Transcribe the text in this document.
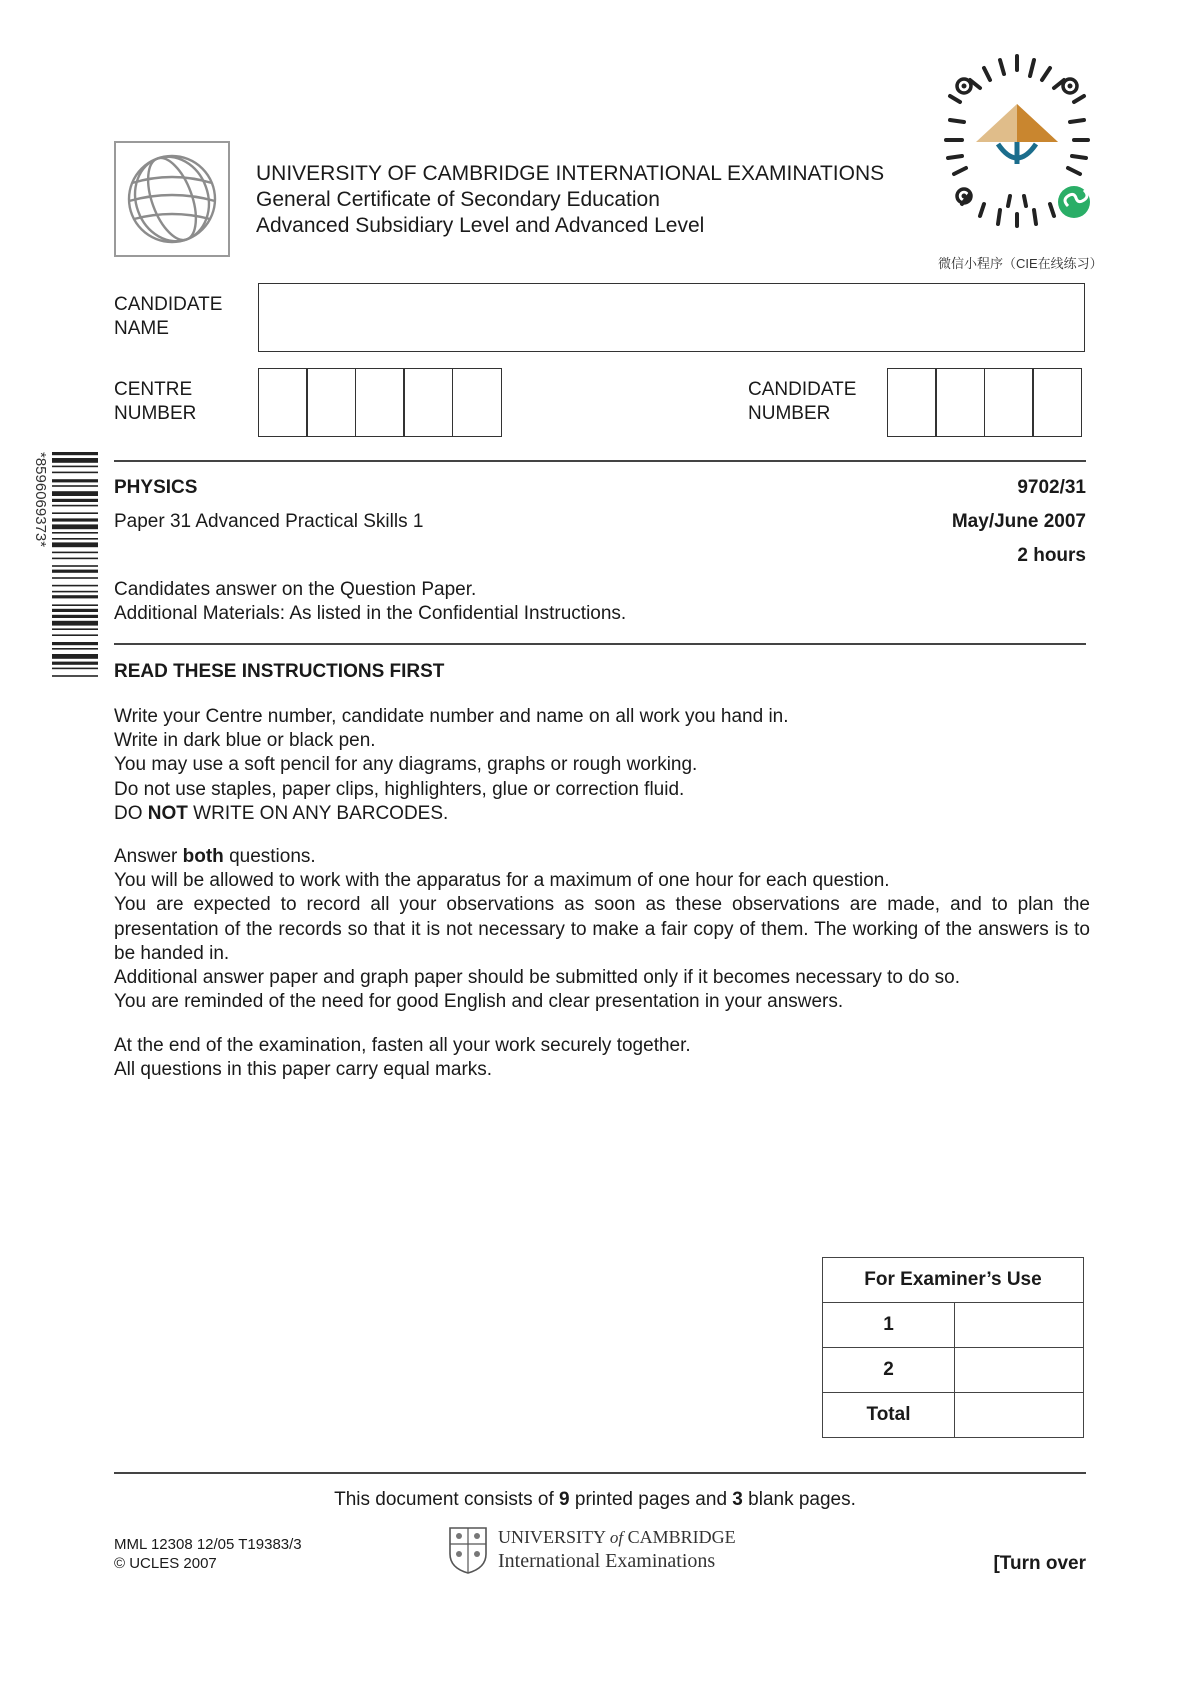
UNIVERSITY OF CAMBRIDGE INTERNATIONAL EXAMINATIONS
General Certificate of Secondary Education
Advanced Subsidiary Level and Advanced Level
微信小程序（CIE在线练习）
CANDIDATE
NAME
CENTRE
NUMBER
CANDIDATE
NUMBER
*8596069373*	PHYSICS	9702/31
Paper 31 Advanced Practical Skills 1	May/June 2007
2 hours
Candidates answer on the Question Paper.
Additional Materials: As listed in the Confidential Instructions.
READ THESE INSTRUCTIONS FIRST
Write your Centre number, candidate number and name on all work you hand in.
Write in dark blue or black pen.
You may use a soft pencil for any diagrams, graphs or rough working.
Do not use staples, paper clips, highlighters, glue or correction fluid.
DO NOT WRITE ON ANY BARCODES.
Answer both questions.
You will be allowed to work with the apparatus for a maximum of one hour for each question.
You are expected to record all your observations as soon as these observations are made, and to plan the presentation of the records so that it is not necessary to make a fair copy of them. The working of the answers is to be handed in.
Additional answer paper and graph paper should be submitted only if it becomes necessary to do so.
You are reminded of the need for good English and clear presentation in your answers.
At the end of the examination, fasten all your work securely together.
All questions in this paper carry equal marks.
For Examiner’s Use	
1	
2	
Total	
This document consists of 9 printed pages and 3 blank pages.
MML 12308 12/05 T19383/3
© UCLES 2007
UNIVERSITY of CAMBRIDGE
International Examinations	[Turn over
